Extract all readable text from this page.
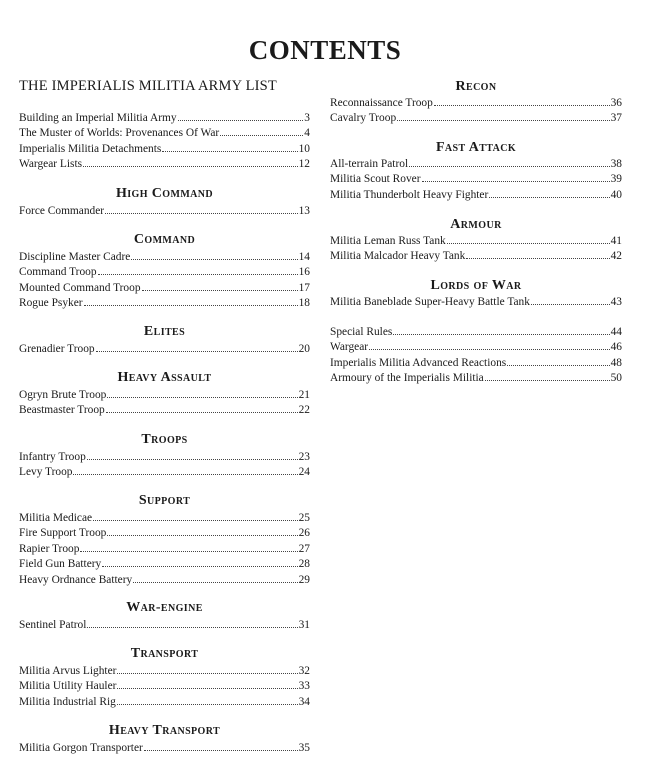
CONTENTS
THE IMPERIALIS MILITIA ARMY LIST
Building an Imperial Militia Army	3
The Muster of Worlds: Provenances Of War	4
Imperialis Militia Detachments	10
Wargear Lists	12
High Command
Force Commander	13
Command
Discipline Master Cadre	14
Command Troop	16
Mounted Command Troop	17
Rogue Psyker	18
Elites
Grenadier Troop	20
Heavy Assault
Ogryn Brute Troop	21
Beastmaster Troop	22
Troops
Infantry Troop	23
Levy Troop	24
Support
Militia Medicae	25
Fire Support Troop	26
Rapier Troop	27
Field Gun Battery	28
Heavy Ordnance Battery	29
War-engine
Sentinel Patrol	31
Transport
Militia Arvus Lighter	32
Militia Utility Hauler	33
Militia Industrial Rig	34
Heavy Transport
Militia Gorgon Transporter	35
Recon
Reconnaissance Troop	36
Cavalry Troop	37
Fast Attack
All-terrain Patrol	38
Militia Scout Rover	39
Militia Thunderbolt Heavy Fighter	40
Armour
Militia Leman Russ Tank	41
Militia Malcador Heavy Tank	42
Lords of War
Militia Baneblade Super-Heavy Battle Tank	43
Special Rules	44
Wargear	46
Imperialis Militia Advanced Reactions	48
Armoury of the Imperialis Militia	50
